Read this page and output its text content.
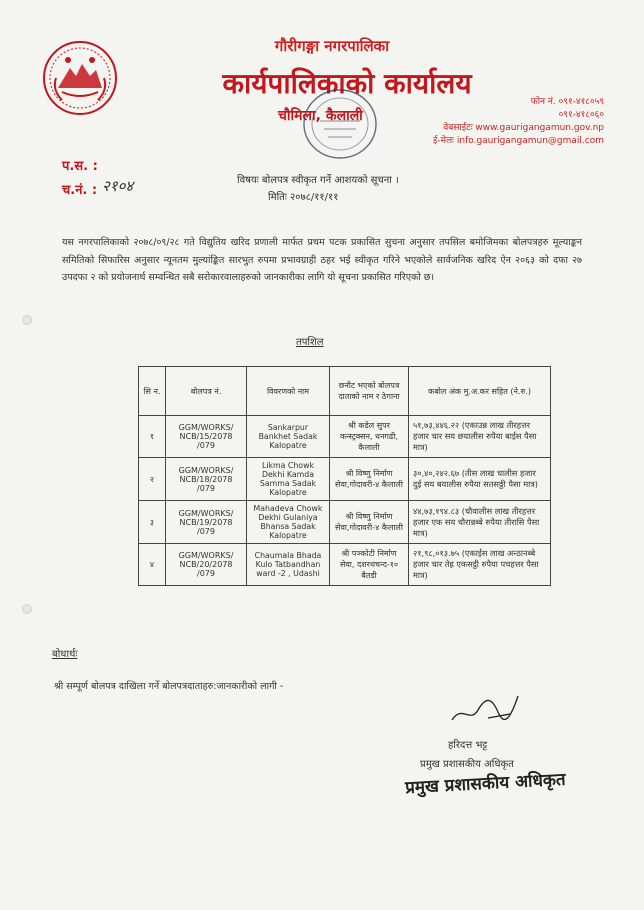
गौरीगङ्गा नगरपालिका
कार्यपालिकाको कार्यालय
चौमिला, कैलाली
फोन नं. ०९१-४१८०५९
०९१-४१८०६०
वेबसाईटः www.gaurigangamun.gov.np
ई-मेलः info.gaurigangamun@gmail.com
प.स. :
च.नं. : २१०४	विषयः बोलपत्र स्वीकृत गर्ने आशयको सूचना ।
मितिः २०७८/११/११
यस नगरपालिकाको २०७८/०९/२८ गते विद्युतिय खरिद प्रणाली मार्फत प्रथम पटक प्रकासित सुचना अनुसार तपसिल बमोजिमका बोलपत्रहरु मूल्याङ्कन समितिको सिफारिस अनुसार न्यूनतम मुल्यांङ्कित सारभुत रुपमा प्रभावग्राही ठहर भई स्वीकृत गरिने भएकोले सार्वजनिक खरिद ऐन २०६३ को दफा २७ उपदफा २ को प्रयोजनार्थ सम्वन्धित सबै सरोकारवालाहरुको जानकारीका लागि यो सूचना प्रकासित गरिएको छ।
तपशिल
सि न.	बोलपत्र नं.	विवरणको नाम	छनौट भएको बोलपत्र दाताको नाम र ठेगाना	कबोल अंक मु.अ.कर सहित (ने.रु.)
१	GGM/WORKS/ NCB/15/2078 /079	Sankarpur Bankhet Sadak Kalopatre	श्री कडेल सुपर कन्स्ट्रक्सन, धनगढी, कैलाली	५१,७३,४४६.२२ (एकाउन्न लाख तीरहत्तर हजार चार सय छयालीस रुपैया बाईस पैसा मात्र)
२	GGM/WORKS/ NCB/18/2078 /079	Likma Chowk Dekhi Kamda Samma Sadak Kalopatre	श्री विष्णु निर्माण सेवा,गोदावरी-४ कैलाली	३०,४०,२४२.६७ (तीस लाख चालीस हजार दुई सय बयालीस रुपैया सतसठ्ठी पैसा मात्र)
३	GGM/WORKS/ NCB/19/2078 /079	Mahadeva Chowk Dekhi Gulaniya Bhansa Sadak Kalopatre	श्री विष्णु निर्माण सेवा,गोदावरी-४ कैलाली	४४,७३,१९४.८३ (चौवालीस लाख तीरहत्तर हजार एक सय चौरान्नब्बे रुपैया तीरासि पैसा मात्र)
४	GGM/WORKS/ NCB/20/2078 /079	Chaumala Bhada Kulo Tatbandhan ward -2 , Udashi	श्री पञ्कोटी निर्माण सेवा, दशरथचन्द-१० बैतडी	२१,९८,०१३.७५ (एकाईस लाख अन्ठानब्बे हजार चार तेह्र एकसट्ठी रुपैया पचहत्तर पैसा मात्र)
बोधार्थः
श्री सम्पूर्ण बोलपत्र दाखिला गर्ने बोलपत्रदाताहरु:जानकारीको लागी -
हरिदत्त भट्ट
प्रमुख प्रशासकीय अधिकृत
प्रमुख प्रशासकीय अधिकृत
